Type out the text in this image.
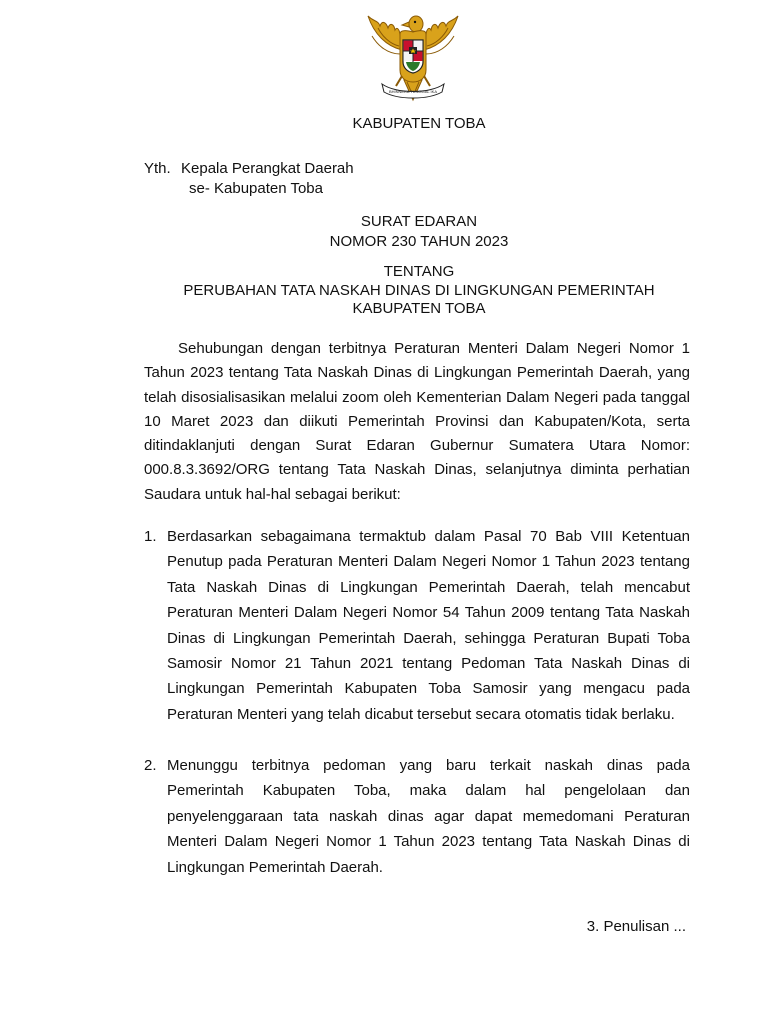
BHINNEKA TUNGGAL IKA
KABUPATEN TOBA
Yth. Kepala Perangkat Daerah
se- Kabupaten Toba
SURAT EDARAN
NOMOR 230 TAHUN 2023
TENTANG
PERUBAHAN TATA NASKAH DINAS DI LINGKUNGAN PEMERINTAH
KABUPATEN TOBA
Sehubungan dengan terbitnya Peraturan Menteri Dalam Negeri Nomor 1 Tahun 2023 tentang Tata Naskah Dinas di Lingkungan Pemerintah Daerah, yang telah disosialisasikan melalui zoom oleh Kementerian Dalam Negeri pada tanggal 10 Maret 2023 dan diikuti Pemerintah Provinsi dan Kabupaten/Kota, serta ditindaklanjuti dengan Surat Edaran Gubernur Sumatera Utara Nomor: 000.8.3.3692/ORG tentang Tata Naskah Dinas, selanjutnya diminta perhatian Saudara untuk hal-hal sebagai berikut:
1. Berdasarkan sebagaimana termaktub dalam Pasal 70 Bab VIII Ketentuan Penutup pada Peraturan Menteri Dalam Negeri Nomor 1 Tahun 2023 tentang Tata Naskah Dinas di Lingkungan Pemerintah Daerah, telah mencabut Peraturan Menteri Dalam Negeri Nomor 54 Tahun 2009 tentang Tata Naskah Dinas di Lingkungan Pemerintah Daerah, sehingga Peraturan Bupati Toba Samosir Nomor 21 Tahun 2021 tentang Pedoman Tata Naskah Dinas di Lingkungan Pemerintah Kabupaten Toba Samosir yang mengacu pada Peraturan Menteri yang telah dicabut tersebut secara otomatis tidak berlaku.
2. Menunggu terbitnya pedoman yang baru terkait naskah dinas pada Pemerintah Kabupaten Toba, maka dalam hal pengelolaan dan penyelenggaraan tata naskah dinas agar dapat memedomani Peraturan Menteri Dalam Negeri Nomor 1 Tahun 2023 tentang Tata Naskah Dinas di Lingkungan Pemerintah Daerah.
3. Penulisan ...
